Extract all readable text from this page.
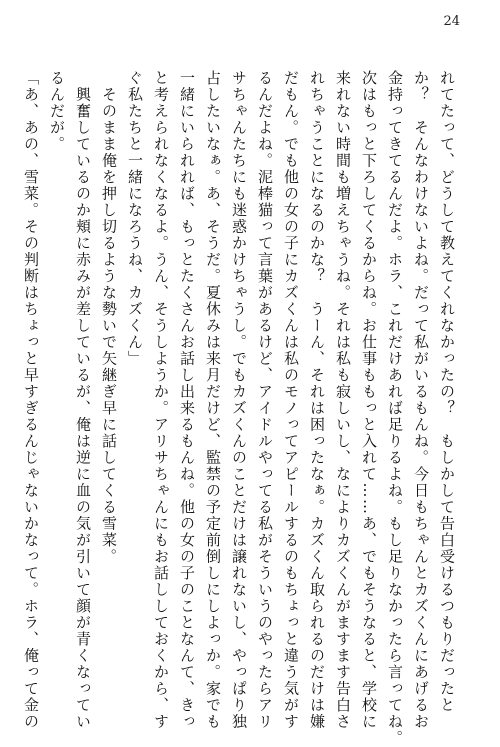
24
れてたって、どうして教えてくれなかったの？　もしかして告白受けるつもりだったと
か？　そんなわけないよね。だって私がいるもんね。今日もちゃんとカズくんにあげるお
金持ってきてるんだよ。ホラ、これだけあれば足りるよね。もし足りなかったら言ってね。
次はもっと下ろしてくるからね。お仕事ももっと入れて……あ、でもそうなると、学校に
来れない時間も増えちゃうね。それは私も寂しいし、なによりカズくんがますます告白さ
れちゃうことになるのかな？　うーん、それは困ったなぁ。カズくん取られるのだけは嫌
だもん。でも他の女の子にカズくんは私のモノってアピールするのもちょっと違う気がす
るんだよね。泥棒猫って言葉があるけど、アイドルやってる私がそういうのやったらアリ
サちゃんたちにも迷惑かけちゃうし。でもカズくんのことだけは譲れないし、やっぱり独
占したいなぁ。あ、そうだ。夏休みは来月だけど、監禁の予定前倒しにしよっか。家でも
一緒にいられれば、もっとたくさんお話し出来るもんね。他の女の子のことなんて、きっ
と考えられなくなるよ。うん、そうしようか。アリサちゃんにもお話ししておくから、す
ぐ私たちと一緒になろうね、カズくん」
　そのまま俺を押し切るような勢いで矢継ぎ早に話してくる雪菜。
　興奮しているのか頬に赤みが差しているが、俺は逆に血の気が引いて顔が青くなってい
るんだが。
「あ、あの、雪菜。その判断はちょっと早すぎるんじゃないかなって。ホラ、俺って金の
